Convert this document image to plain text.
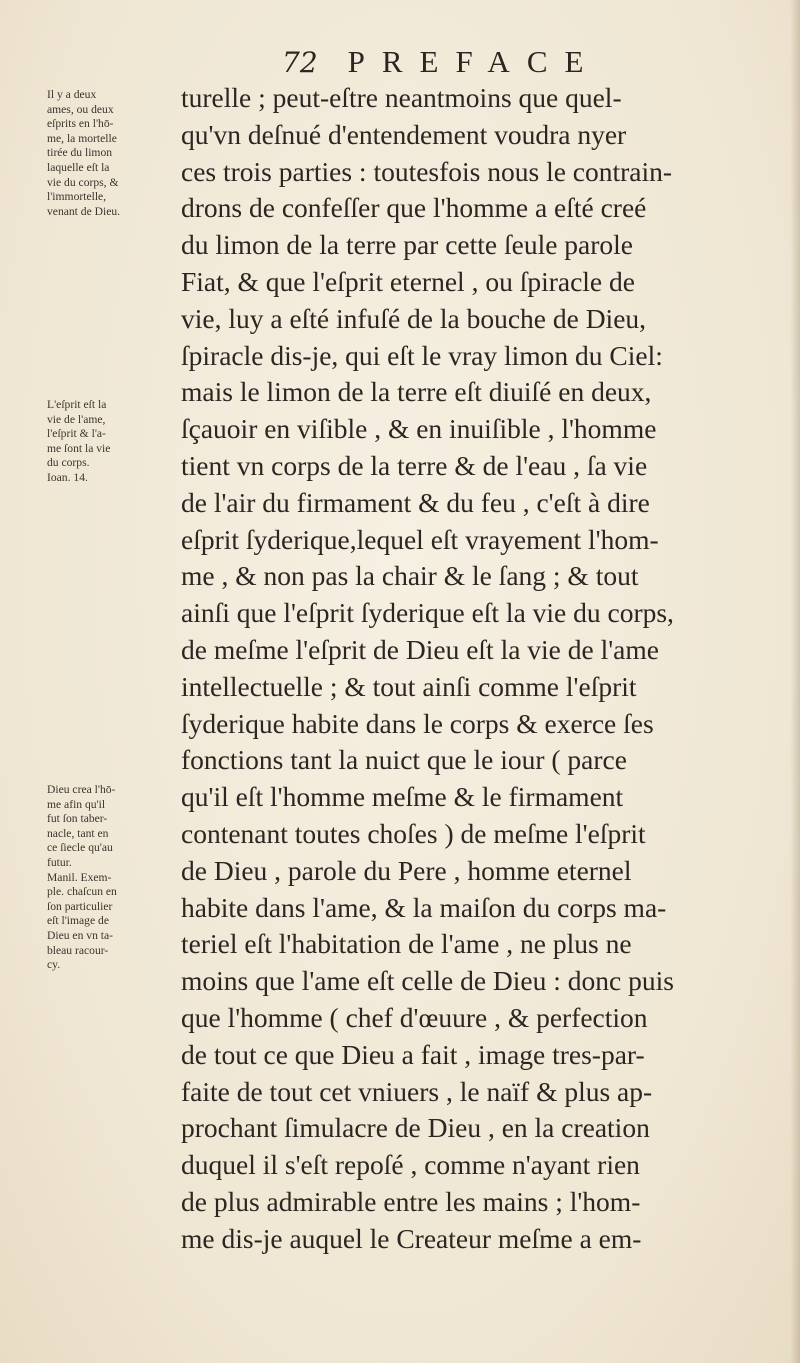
72 PREFACE
Il y a deux
ames, ou deux
eſprits en l'hō-
me, la mortelle
tirée du limon
laquelle eſt la
vie du corps, &
l'immortelle,
venant de Dieu.
L'eſprit eſt la
vie de l'ame,
l'eſprit & l'a-
me ſont la vie
du corps.
Ioan. 14.
Dieu crea l'hō-
me afin qu'il
fut ſon taber-
nacle, tant en
ce ſiecle qu'au
futur.
Manil. Exem-
ple. chaſcun en
ſon particulier
eſt l'image de
Dieu en vn ta-
bleau racour-
cy.
turelle ; peut-eſtre neantmoins que quel-
qu'vn deſnué d'entendement voudra nyer
ces trois parties : toutesfois nous le contrain-
drons de confeſſer que l'homme a eſté creé
du limon de la terre par cette ſeule parole
Fiat, & que l'eſprit eternel , ou ſpiracle de
vie, luy a eſté infuſé de la bouche de Dieu,
ſpiracle dis-je, qui eſt le vray limon du Ciel:
mais le limon de la terre eſt diuiſé en deux,
ſçauoir en viſible , & en inuiſible , l'homme
tient vn corps de la terre & de l'eau , ſa vie
de l'air du firmament & du feu , c'eſt à dire
eſprit ſyderique,lequel eſt vrayement l'hom-
me , & non pas la chair & le ſang ; & tout
ainſi que l'eſprit ſyderique eſt la vie du corps,
de meſme l'eſprit de Dieu eſt la vie de l'ame
intellectuelle ; & tout ainſi comme l'eſprit
ſyderique habite dans le corps & exerce ſes
fonctions tant la nuict que le iour ( parce
qu'il eſt l'homme meſme & le firmament
contenant toutes choſes ) de meſme l'eſprit
de Dieu , parole du Pere , homme eternel
habite dans l'ame, & la maiſon du corps ma-
teriel eſt l'habitation de l'ame , ne plus ne
moins que l'ame eſt celle de Dieu : donc puis
que l'homme ( chef d'œuure , & perfection
de tout ce que Dieu a fait , image tres-par-
faite de tout cet vniuers , le naïf & plus ap-
prochant ſimulacre de Dieu , en la creation
duquel il s'eſt repoſé , comme n'ayant rien
de plus admirable entre les mains ; l'hom-
me dis-je auquel le Createur meſme a em-
